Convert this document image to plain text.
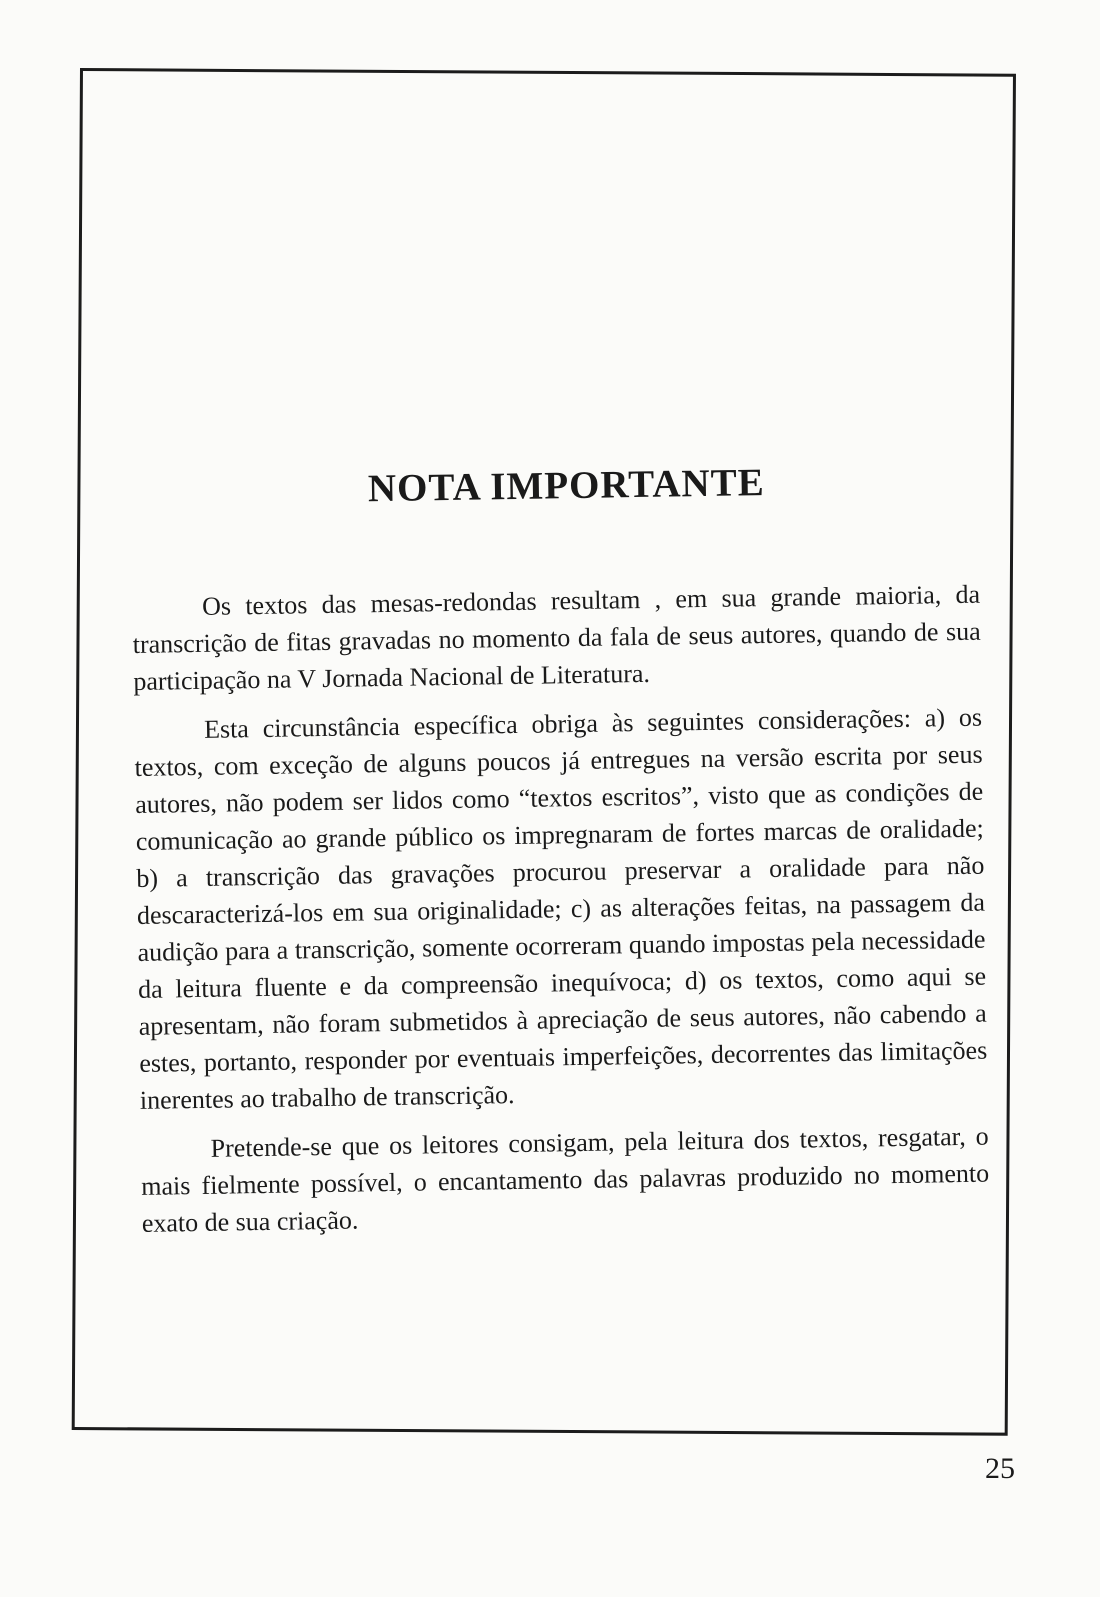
NOTA IMPORTANTE

Os textos das mesas-redondas resultam , em sua grande maioria, da transcrição de fitas gravadas no momento da fala de seus autores, quando de sua participação na V Jornada Nacional de Literatura.

Esta circunstância específica obriga às seguintes considerações: a) os textos, com exceção de alguns poucos já entregues na versão escrita por seus autores, não podem ser lidos como “textos escritos”, visto que as condições de comunicação ao grande público os impregnaram de fortes marcas de oralidade; b) a transcrição das gravações procurou preservar a oralidade para não descaracterizá-los em sua originalidade; c) as alterações feitas, na passagem da audição para a transcrição, somente ocorreram quando impostas pela necessidade da leitura fluente e da compreensão inequívoca; d) os textos, como aqui se apresentam, não foram submetidos à apreciação de seus autores, não cabendo a estes, portanto, responder por eventuais imperfeições, decorrentes das limitações inerentes ao trabalho de transcrição.

Pretende-se que os leitores consigam, pela leitura dos textos, resgatar, o mais fielmente possível, o encantamento das palavras produzido no momento exato de sua criação.

25
